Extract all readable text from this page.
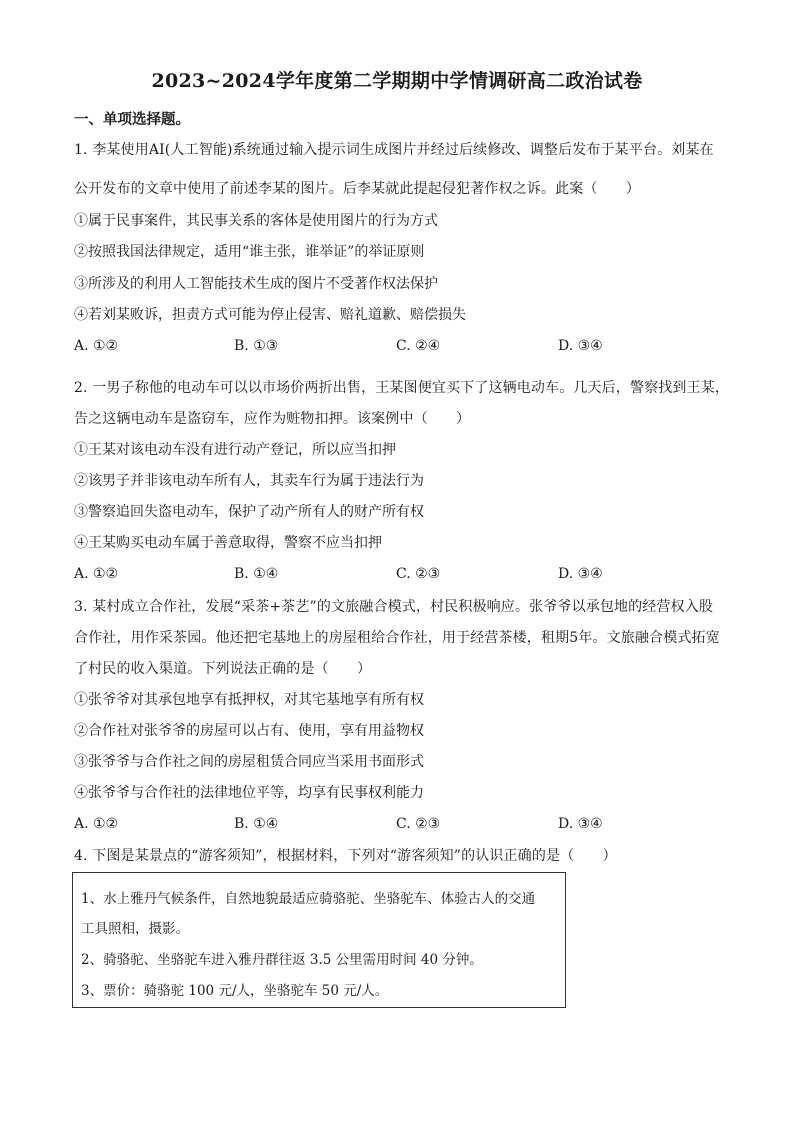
2023~2024学年度第二学期期中学情调研高二政治试卷
一、单项选择题。
1. 李某使用AI(人工智能)系统通过输入提示词生成图片并经过后续修改、调整后发布于某平台。刘某在
公开发布的文章中使用了前述李某的图片。后李某就此提起侵犯著作权之诉。此案（　　）
①属于民事案件，其民事关系的客体是使用图片的行为方式
②按照我国法律规定，适用“谁主张，谁举证”的举证原则
③所涉及的利用人工智能技术生成的图片不受著作权法保护
④若刘某败诉，担责方式可能为停止侵害、赔礼道歉、赔偿损失
A. ①②	B. ①③	C. ②④	D. ③④
2. 一男子称他的电动车可以以市场价两折出售，王某图便宜买下了这辆电动车。几天后，警察找到王某，
告之这辆电动车是盗窃车，应作为赃物扣押。该案例中（　　）
①王某对该电动车没有进行动产登记，所以应当扣押
②该男子并非该电动车所有人，其卖车行为属于违法行为
③警察追回失盗电动车，保护了动产所有人的财产所有权
④王某购买电动车属于善意取得，警察不应当扣押
A. ①②	B. ①④	C. ②③	D. ③④
3. 某村成立合作社，发展“采茶+茶艺”的文旅融合模式，村民积极响应。张爷爷以承包地的经营权入股
合作社，用作采茶园。他还把宅基地上的房屋租给合作社，用于经营茶楼，租期5年。文旅融合模式拓宽
了村民的收入渠道。下列说法正确的是（　　）
①张爷爷对其承包地享有抵押权，对其宅基地享有所有权
②合作社对张爷爷的房屋可以占有、使用，享有用益物权
③张爷爷与合作社之间的房屋租赁合同应当采用书面形式
④张爷爷与合作社的法律地位平等，均享有民事权利能力
A. ①②	B. ①④	C. ②③	D. ③④
4. 下图是某景点的“游客须知”，根据材料，下列对“游客须知”的认识正确的是（　　）
1、水上雅丹气候条件，自然地貌最适应骑骆驼、坐骆驼车、体验古人的交通
工具照相，摄影。
2、骑骆驼、坐骆驼车进入雅丹群往返 3.5 公里需用时间 40 分钟。
3、票价：骑骆驼 100 元/人，坐骆驼车 50 元/人。
